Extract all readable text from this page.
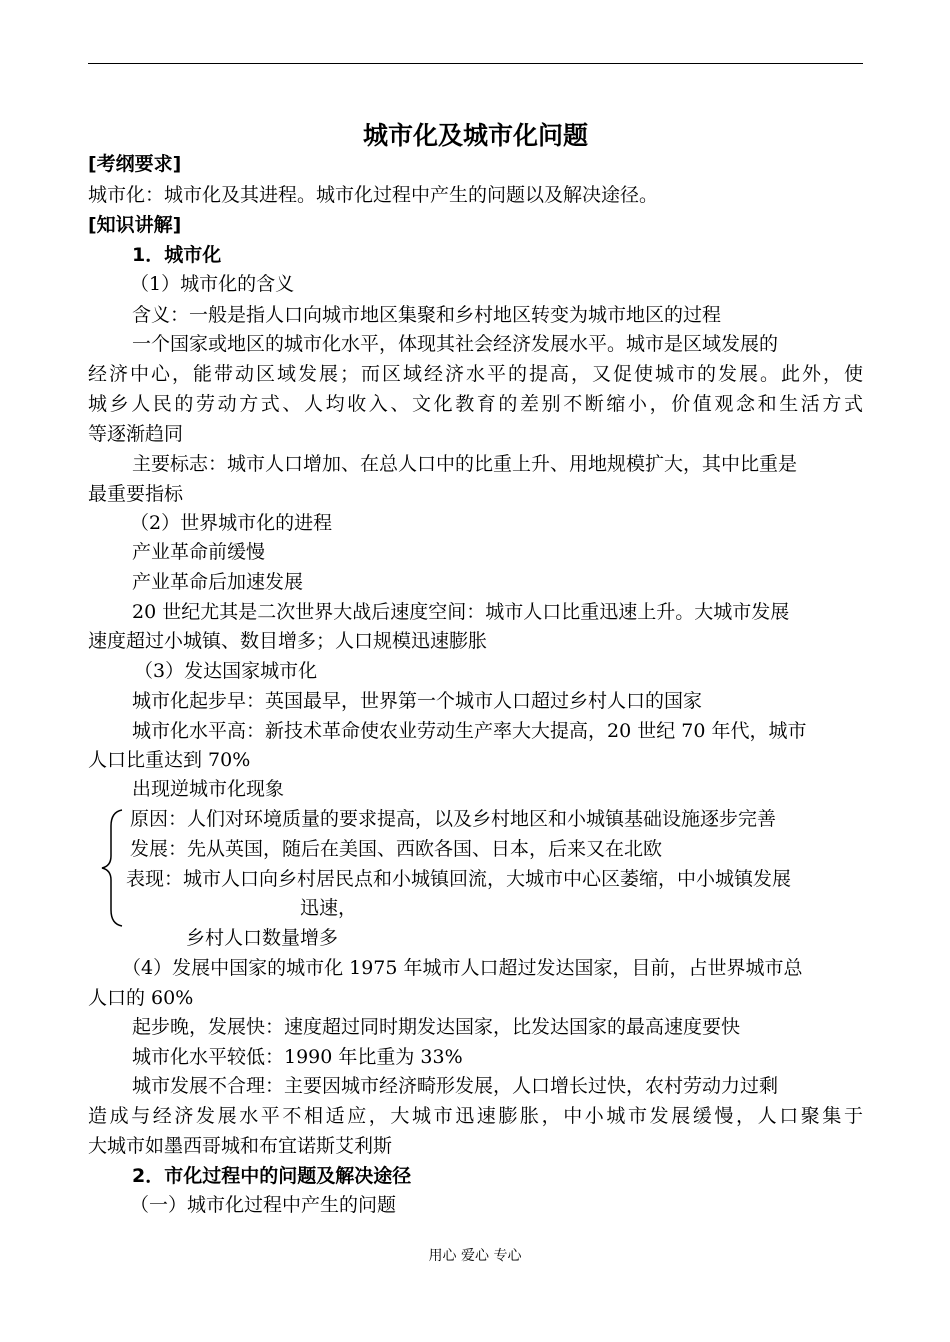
城市化及城市化问题
[考纲要求]
城市化：城市化及其进程。城市化过程中产生的问题以及解决途径。
[知识讲解]
1．城市化
（1）城市化的含义
含义：一般是指人口向城市地区集聚和乡村地区转变为城市地区的过程
一个国家或地区的城市化水平，体现其社会经济发展水平。城市是区域发展的
经济中心，能带动区域发展；而区域经济水平的提高，又促使城市的发展。此外，使
城乡人民的劳动方式、人均收入、文化教育的差别不断缩小，价值观念和生活方式
等逐渐趋同
主要标志：城市人口增加、在总人口中的比重上升、用地规模扩大，其中比重是
最重要指标
（2）世界城市化的进程
产业革命前缓慢
产业革命后加速发展
20 世纪尤其是二次世界大战后速度空间：城市人口比重迅速上升。大城市发展
速度超过小城镇、数目增多；人口规模迅速膨胀
（3）发达国家城市化
城市化起步早：英国最早，世界第一个城市人口超过乡村人口的国家
城市化水平高：新技术革命使农业劳动生产率大大提高，20 世纪 70 年代，城市
人口比重达到 70%
出现逆城市化现象
原因：人们对环境质量的要求提高，以及乡村地区和小城镇基础设施逐步完善
发展：先从英国，随后在美国、西欧各国、日本，后来又在北欧
表现：城市人口向乡村居民点和小城镇回流，大城市中心区萎缩，中小城镇发展
迅速，
乡村人口数量增多
（4）发展中国家的城市化 1975 年城市人口超过发达国家，目前，占世界城市总
人口的 60%
起步晚，发展快：速度超过同时期发达国家，比发达国家的最高速度要快
城市化水平较低：1990 年比重为 33%
城市发展不合理：主要因城市经济畸形发展，人口增长过快，农村劳动力过剩
造成与经济发展水平不相适应，大城市迅速膨胀，中小城市发展缓慢，人口聚集于
大城市如墨西哥城和布宜诺斯艾利斯
2．市化过程中的问题及解决途径
（一）城市化过程中产生的问题
用心 爱心 专心
